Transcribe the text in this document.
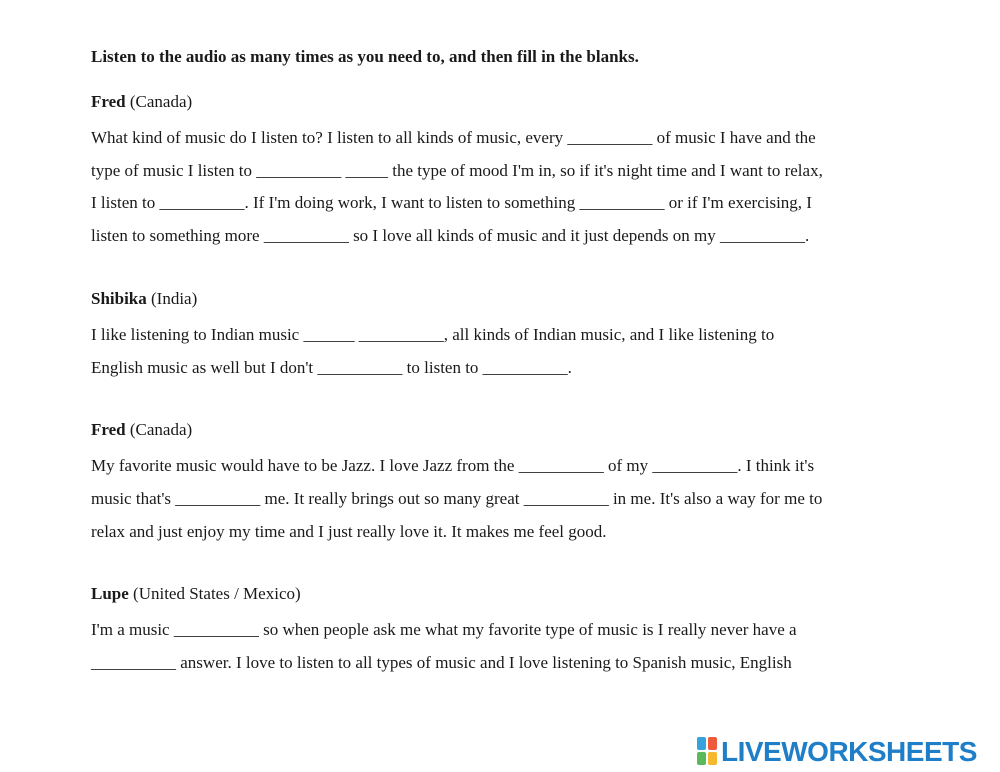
Listen to the audio as many times as you need to, and then fill in the blanks.

Fred (Canada)
What kind of music do I listen to? I listen to all kinds of music, every __________ of music I have and the
type of music I listen to __________ _____ the type of mood I'm in, so if it's night time and I want to relax,
I listen to __________. If I'm doing work, I want to listen to something __________ or if I'm exercising, I
listen to something more __________ so I love all kinds of music and it just depends on my __________.
Shibika (India)
I like listening to Indian music ______ __________, all kinds of Indian music, and I like listening to
English music as well but I don't __________ to listen to __________.
Fred (Canada)
My favorite music would have to be Jazz. I love Jazz from the __________ of my __________. I think it's
music that's __________ me. It really brings out so many great __________ in me. It's also a way for me to
relax and just enjoy my time and I just really love it. It makes me feel good.
Lupe (United States / Mexico)
I'm a music __________ so when people ask me what my favorite type of music is I really never have a
__________ answer. I love to listen to all types of music and I love listening to Spanish music, English
LIVEWORKSHEETS
